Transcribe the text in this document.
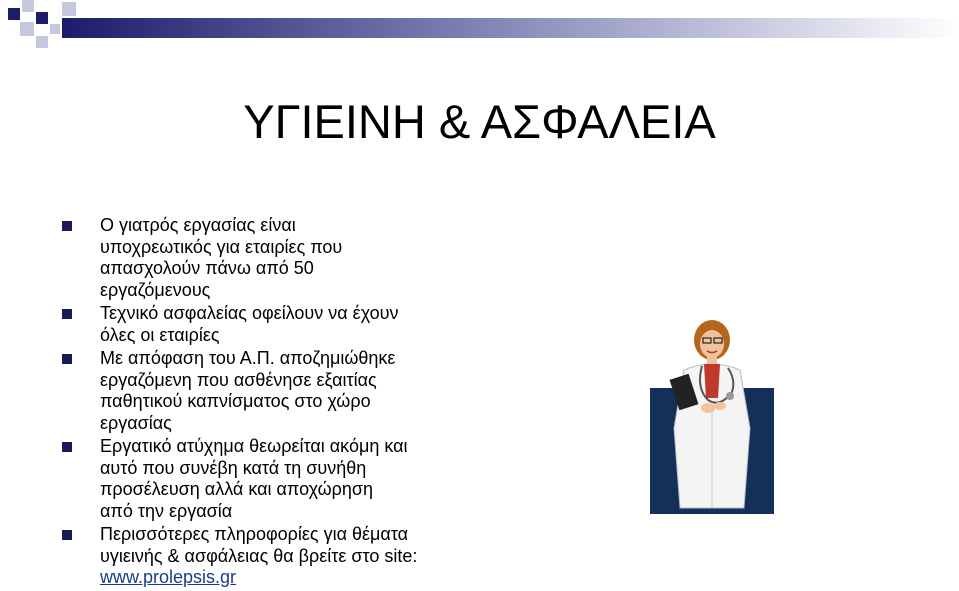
ΥΓΙΕΙΝΗ & ΑΣΦΑΛΕΙΑ
Ο γιατρός εργασίας είναι
υποχρεωτικός για εταιρίες που
απασχολούν πάνω από 50
εργαζόμενους
Τεχνικό ασφαλείας οφείλουν να έχουν
όλες οι εταιρίες
Με απόφαση του Α.Π. αποζημιώθηκε
εργαζόμενη που ασθένησε εξαιτίας
παθητικού καπνίσματος στο χώρο
εργασίας
Εργατικό ατύχημα θεωρείται ακόμη και
αυτό που συνέβη κατά τη συνήθη
προσέλευση αλλά και αποχώρηση
από την εργασία
Περισσότερες πληροφορίες για θέματα
υγιεινής & ασφάλειας θα βρείτε στο site:
www.prolepsis.gr
